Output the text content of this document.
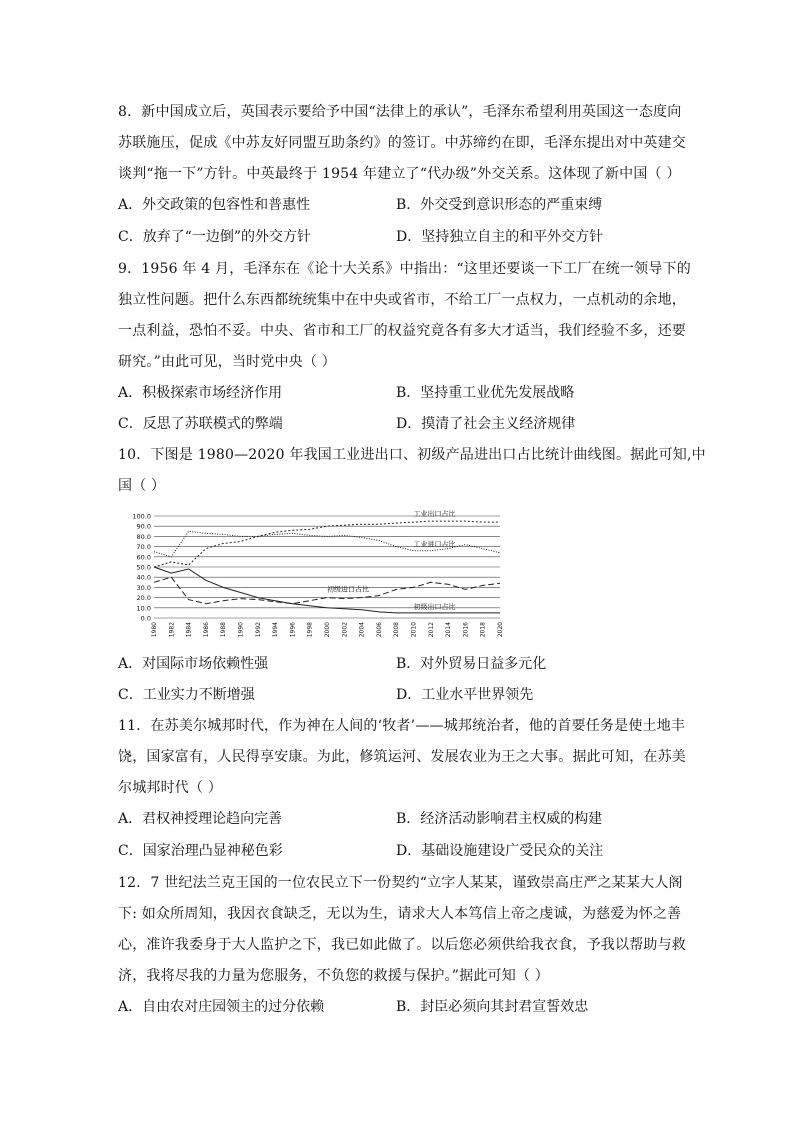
8．新中国成立后，英国表示要给予中国“法律上的承认”，毛泽东希望利用英国这一态度向
苏联施压，促成《中苏友好同盟互助条约》的签订。中苏缔约在即，毛泽东提出对中英建交
谈判“拖一下”方针。中英最终于 1954 年建立了“代办级”外交关系。这体现了新中国（ ）
A．外交政策的包容性和普惠性	B．外交受到意识形态的严重束缚
C．放弃了“一边倒”的外交方针	D．坚持独立自主的和平外交方针
9．1956 年 4 月，毛泽东在《论十大关系》中指出：“这里还要谈一下工厂在统一领导下的
独立性问题。把什么东西都统统集中在中央或省市，不给工厂一点权力，一点机动的余地，
一点利益，恐怕不妥。中央、省市和工厂的权益究竟各有多大才适当，我们经验不多，还要
研究。”由此可见，当时党中央（ ）
A．积极探索市场经济作用	B．坚持重工业优先发展战略
C．反思了苏联模式的弊端	D．摸清了社会主义经济规律
10．下图是 1980—2020 年我国工业进出口、初级产品进出口占比统计曲线图。据此可知,中
国（ ）
0.0
10.0
20.0
30.0
40.0
50.0
60.0
70.0
80.0
90.0
100.0
1980 1982 1984 1986 1988 1990 1992 1994 1996 1998 2000 2002 2004 2006 2008 2010 2012 2014 2016 2018 2020
工业出口占比
工业进口占比
初级进口占比
初级出口占比
A．对国际市场依赖性强	B．对外贸易日益多元化
C．工业实力不断增强	D．工业水平世界领先
11．在苏美尔城邦时代，作为神在人间的‘牧者’——城邦统治者，他的首要任务是使土地丰
饶，国家富有，人民得享安康。为此，修筑运河、发展农业为王之大事。据此可知，在苏美
尔城邦时代（ ）
A．君权神授理论趋向完善	B．经济活动影响君主权威的构建
C．国家治理凸显神秘色彩	D．基础设施建设广受民众的关注
12．7 世纪法兰克王国的一位农民立下一份契约“立字人某某，谨致崇高庄严之某某大人阁
下: 如众所周知，我因衣食缺乏，无以为生，请求大人本笃信上帝之虔诚，为慈爱为怀之善
心，准许我委身于大人监护之下，我已如此做了。以后您必须供给我衣食，予我以帮助与救
济，我将尽我的力量为您服务，不负您的救援与保护。”据此可知（ ）
A．自由农对庄园领主的过分依赖	B．封臣必须向其封君宣誓效忠
